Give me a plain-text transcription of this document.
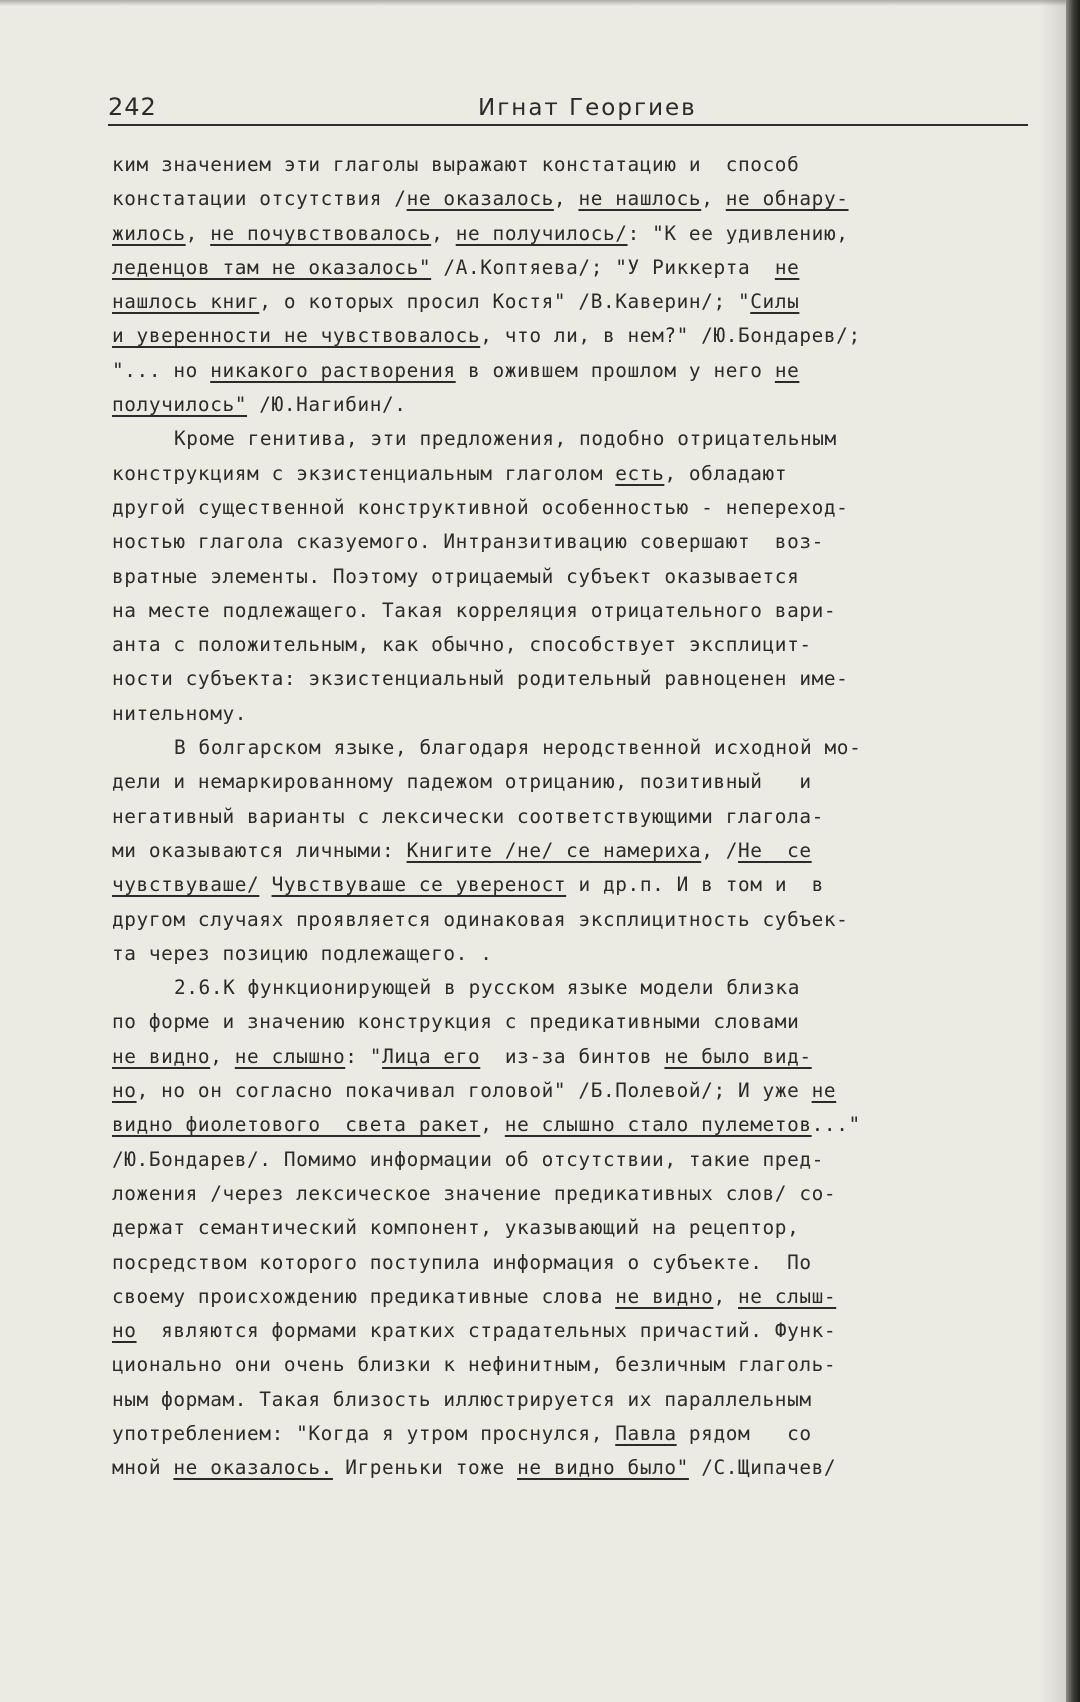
242	Игнат Георгиев
ким значением эти глаголы выражают констатацию и  способ
констатации отсутствия /не оказалось, не нашлось, не обнару-
жилось, не почувствовалось, не получилось/: "К ее удивлению,
леденцов там не оказалось" /А.Коптяева/; "У Риккерта  не
нашлось книг, о которых просил Костя" /В.Каверин/; "Силы
и уверенности не чувствовалось, что ли, в нем?" /Ю.Бондарев/;
"... но никакого растворения в ожившем прошлом у него не
получилось" /Ю.Нагибин/.
Кроме генитива, эти предложения, подобно отрицательным
конструкциям с экзистенциальным глаголом есть, обладают
другой существенной конструктивной особенностью - непереход-
ностью глагола сказуемого. Интранзитивацию совершают  воз-
вратные элементы. Поэтому отрицаемый субъект оказывается
на месте подлежащего. Такая корреляция отрицательного вари-
анта с положительным, как обычно, способствует эксплицит-
ности субъекта: экзистенциальный родительный равноценен име-
нительному.
В болгарском языке, благодаря неродственной исходной мо-
дели и немаркированному падежом отрицанию, позитивный   и
негативный варианты с лексически соответствующими глагола-
ми оказываются личными: Книгите /не/ се намериха, /Не  се
чувствуваше/ Чувствуваше се увереност и др.п. И в том и  в
другом случаях проявляется одинаковая эксплицитность субъек-
та через позицию подлежащего. .
2.6.К функционирующей в русском языке модели близка
по форме и значению конструкция с предикативными словами
не видно, не слышно: "Лица его  из-за бинтов не было вид-
но, но он согласно покачивал головой" /Б.Полевой/; И уже не
видно фиолетового  света ракет, не слышно стало пулеметов..."
/Ю.Бондарев/. Помимо информации об отсутствии, такие пред-
ложения /через лексическое значение предикативных слов/ со-
держат семантический компонент, указывающий на рецептор,
посредством которого поступила информация о субъекте.  По
своему происхождению предикативные слова не видно, не слыш-
но  являются формами кратких страдательных причастий. Функ-
ционально они очень близки к нефинитным, безличным глаголь-
ным формам. Такая близость иллюстрируется их параллельным
употреблением: "Когда я утром проснулся, Павла рядом   со
мной не оказалось. Игреньки тоже не видно было" /С.Щипачев/
